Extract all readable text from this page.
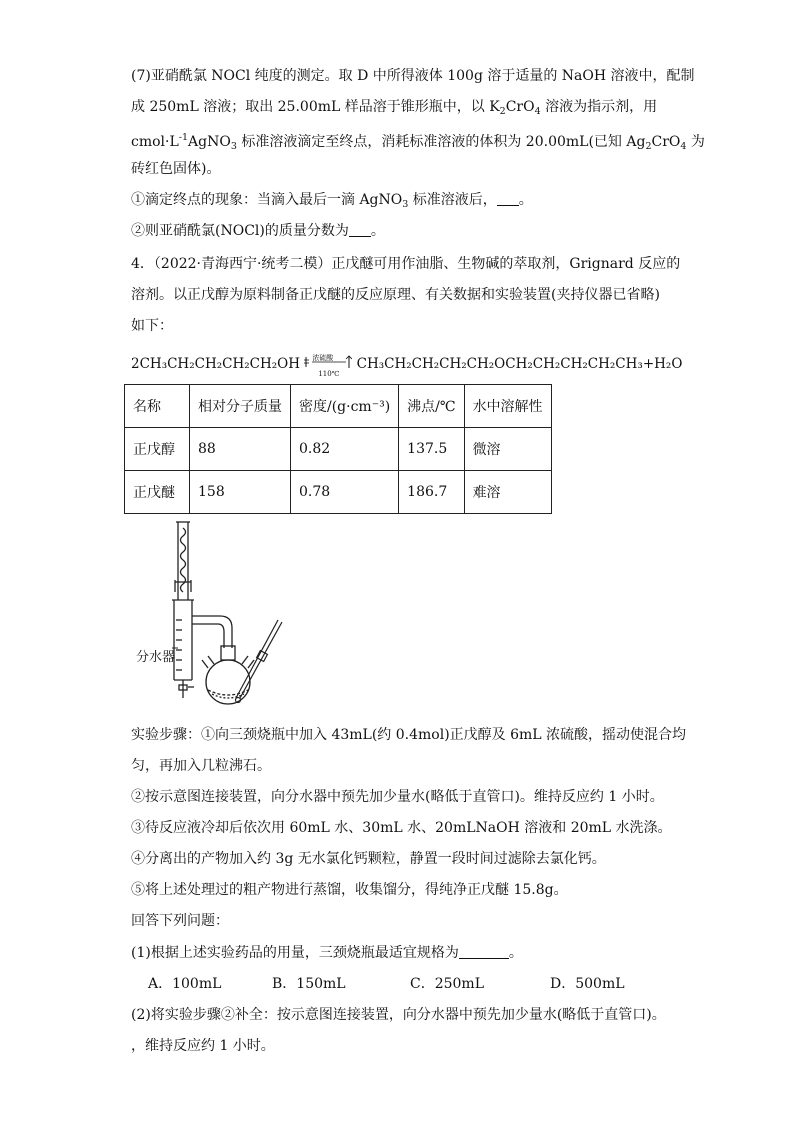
(7)亚硝酰氯 NOCl 纯度的测定。取 D 中所得液体 100g 溶于适量的 NaOH 溶液中，配制
成 250mL 溶液；取出 25.00mL 样品溶于锥形瓶中，以 $K_2CrO_4$ 溶液为指示剂，用
$cmol\cdot L^{-1}AgNO_3$ 标准溶液滴定至终点，消耗标准溶液的体积为 20.00mL(已知 $Ag_2CrO_4$ 为
砖红色固体)。
①滴定终点的现象：当滴入最后一滴 AgNO$_3$ 标准溶液后， 。
②则亚硝酰氯(NOCl)的质量分数为 。
4．（2022·青海西宁·统考二模）正戊醚可用作油脂、生物碱的萃取剂，Grignard 反应的
溶剂。以正戊醇为原料制备正戊醚的反应原理、有关数据和实验装置(夹持仪器已省略)
如下：
2CH₃CH₂CH₂CH₂CH₂OH 浓硫酸
110℃
CH₃CH₂CH₂CH₂CH₂OCH₂CH₂CH₂CH₂CH₃+H₂O
名称	相对分子质量	密度/(g·cm⁻³)	沸点/℃	水中溶解性
正戊醇	88	0.82	137.5	微溶
正戊醚	158	0.78	186.7	难溶
分水器
实验步骤：①向三颈烧瓶中加入 43mL(约 0.4mol)正戊醇及 6mL 浓硫酸，摇动使混合均
匀，再加入几粒沸石。
②按示意图连接装置，向分水器中预先加少量水(略低于直管口)。维持反应约 1 小时。
③待反应液冷却后依次用 60mL 水、30mL 水、20mLNaOH 溶液和 20mL 水洗涤。
④分离出的产物加入约 3g 无水氯化钙颗粒，静置一段时间过滤除去氯化钙。
⑤将上述处理过的粗产物进行蒸馏，收集馏分，得纯净正戊醚 15.8g。
回答下列问题：
(1)根据上述实验药品的用量，三颈烧瓶最适宜规格为	。
A．100mL	B．150mL	C．250mL	D．500mL
(2)将实验步骤②补全：按示意图连接装置，向分水器中预先加少量水(略低于直管口)。
，维持反应约 1 小时。
